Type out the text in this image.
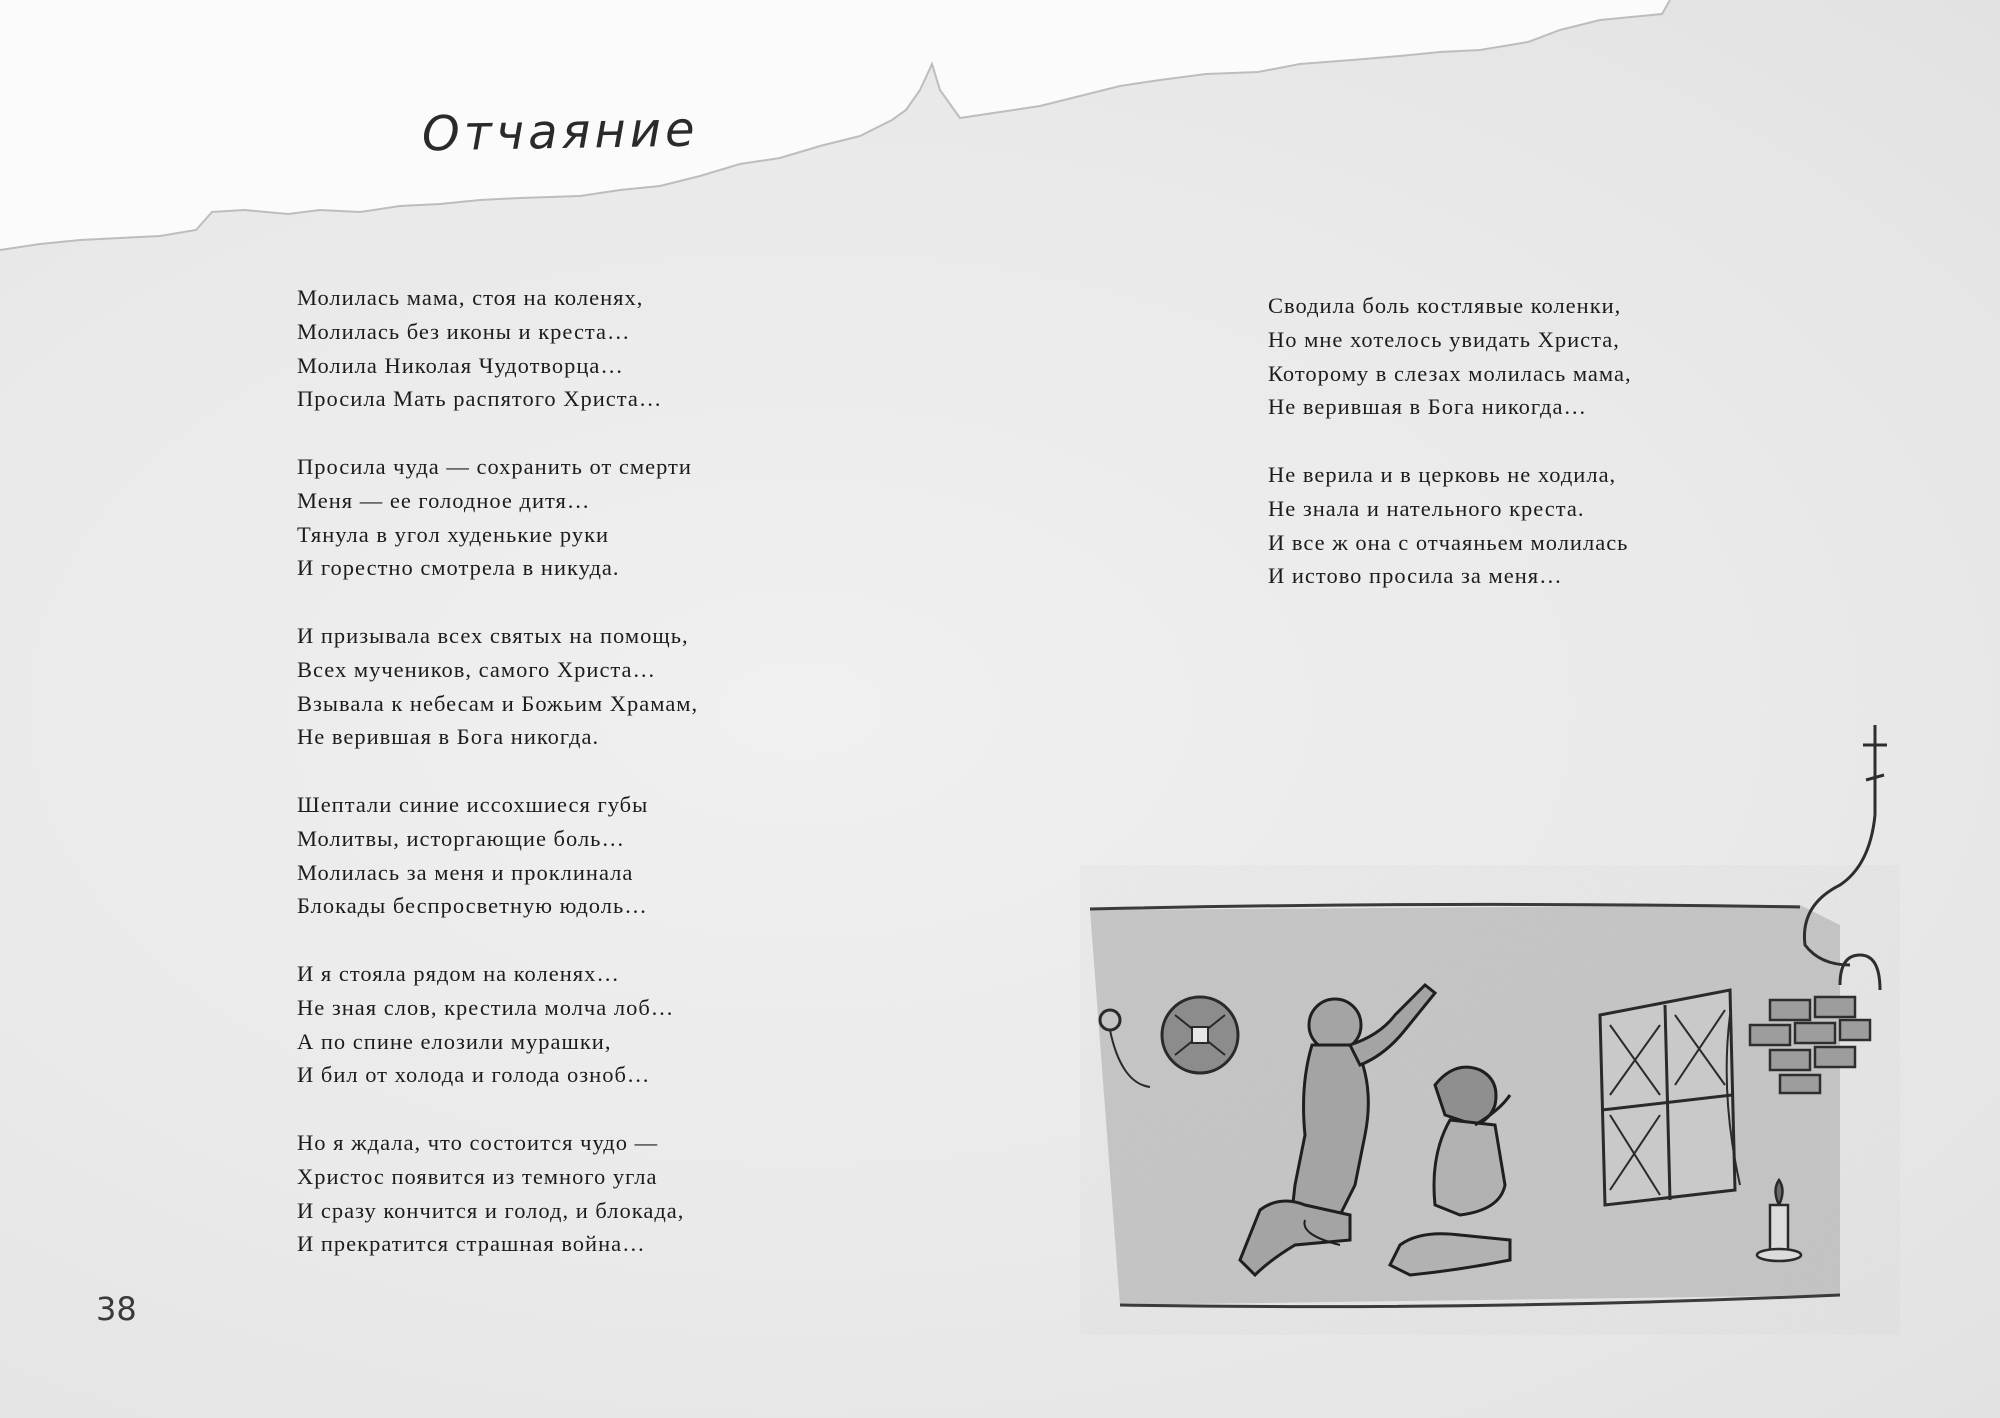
Отчаяние
Молилась мама, стоя на коленях,
Молилась без иконы и креста…
Молила Николая Чудотворца…
Просила Мать распятого Христа…
Просила чуда — сохранить от смерти
Меня — ее голодное дитя…
Тянула в угол худенькие руки
И горестно смотрела в никуда.
И призывала всех святых на помощь,
Всех мучеников, самого Христа…
Взывала к небесам и Божьим Храмам,
Не верившая в Бога никогда.
Шептали синие иссохшиеся губы
Молитвы, исторгающие боль…
Молилась за меня и проклинала
Блокады беспросветную юдоль…
И я стояла рядом на коленях…
Не зная слов, крестила молча лоб…
А по спине елозили мурашки,
И бил от холода и голода озноб…
Но я ждала, что состоится чудо —
Христос появится из темного угла
И сразу кончится и голод, и блокада,
И прекратится страшная война…
Сводила боль костлявые коленки,
Но мне хотелось увидать Христа,
Которому в слезах молилась мама,
Не верившая в Бога никогда…
Не верила и в церковь не ходила,
Не знала и нательного креста.
И все ж она с отчаяньем молилась
И истово просила за меня…
38
